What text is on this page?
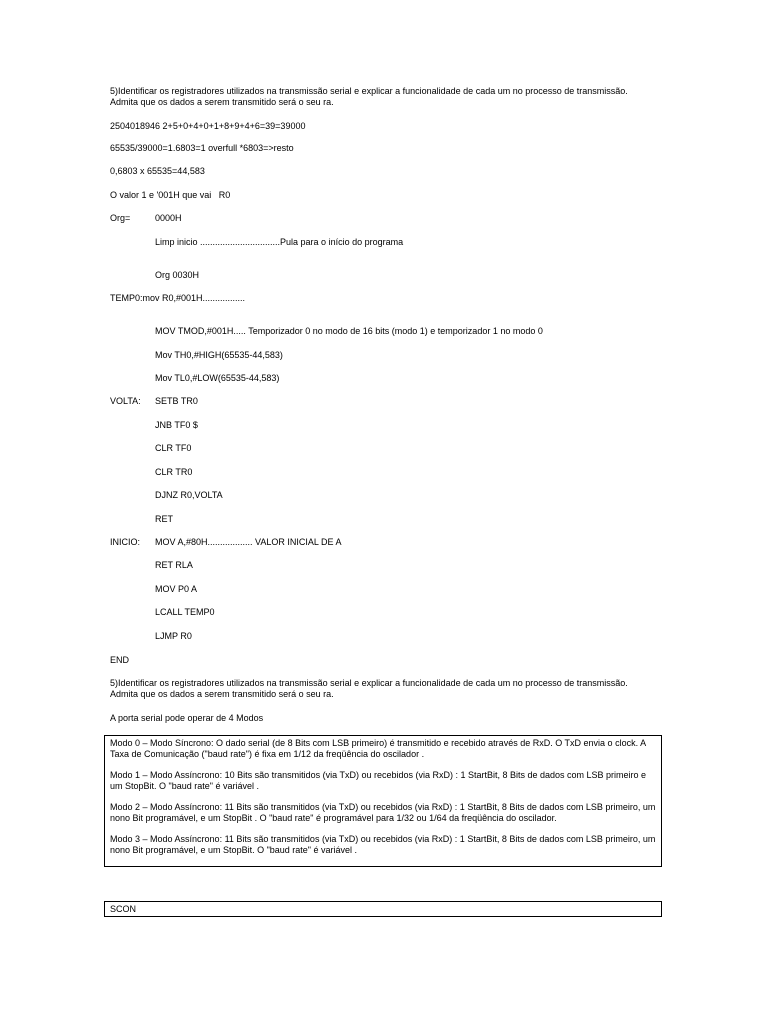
5)Identificar os registradores utilizados na transmissão serial e explicar a funcionalidade de cada um no processo de transmissão.

Admita que os dados a serem transmitido será o seu ra.

2504018946 2+5+0+4+0+1+8+9+4+6=39=39000

65535/39000=1.6803=1 overfull *6803=>resto

0,6803 x 65535=44,583

O valor 1 e '001H que vai   R0

Org=	0000H

Limp inicio ................................Pula para o início do programa

Org 0030H

TEMP0:mov R0,#001H.................

MOV TMOD,#001H..... Temporizador 0 no modo de 16 bits (modo 1) e temporizador 1 no modo 0

Mov TH0,#HIGH(65535-44,583)

Mov TL0,#LOW(65535-44,583)

VOLTA: SETB TR0

JNB TF0 $

CLR TF0

CLR TR0

DJNZ R0,VOLTA

RET

INICIO: MOV A,#80H.................. VALOR INICIAL DE A

RET RLA

MOV P0 A

LCALL TEMP0

LJMP R0

END

5)Identificar os registradores utilizados na transmissão serial e explicar a funcionalidade de cada um no processo de transmissão.

Admita que os dados a serem transmitido será o seu ra.

A porta serial pode operar de 4 Modos

Modo 0 – Modo Síncrono: O dado serial (de 8 Bits com LSB primeiro) é transmitido e recebido através de RxD. O TxD envia o clock. A Taxa de Comunicação ("baud rate") é fixa em 1/12 da freqüência do oscilador .

Modo 1 – Modo Assíncrono: 10 Bits são transmitidos (via TxD) ou recebidos (via RxD) : 1 StartBit, 8 Bits de dados com LSB primeiro e um StopBit. O "baud rate" é variável .

Modo 2 – Modo Assíncrono: 11 Bits são transmitidos (via TxD) ou recebidos (via RxD) : 1 StartBit, 8 Bits de dados com LSB primeiro, um nono Bit programável, e um StopBit . O "baud rate" é programável para 1/32 ou 1/64 da freqüência do oscilador.

Modo 3 – Modo Assíncrono: 11 Bits são transmitidos (via TxD) ou recebidos (via RxD) : 1 StartBit, 8 Bits de dados com LSB primeiro, um nono Bit programável, e um StopBit. O "baud rate" é variável .

SCON
